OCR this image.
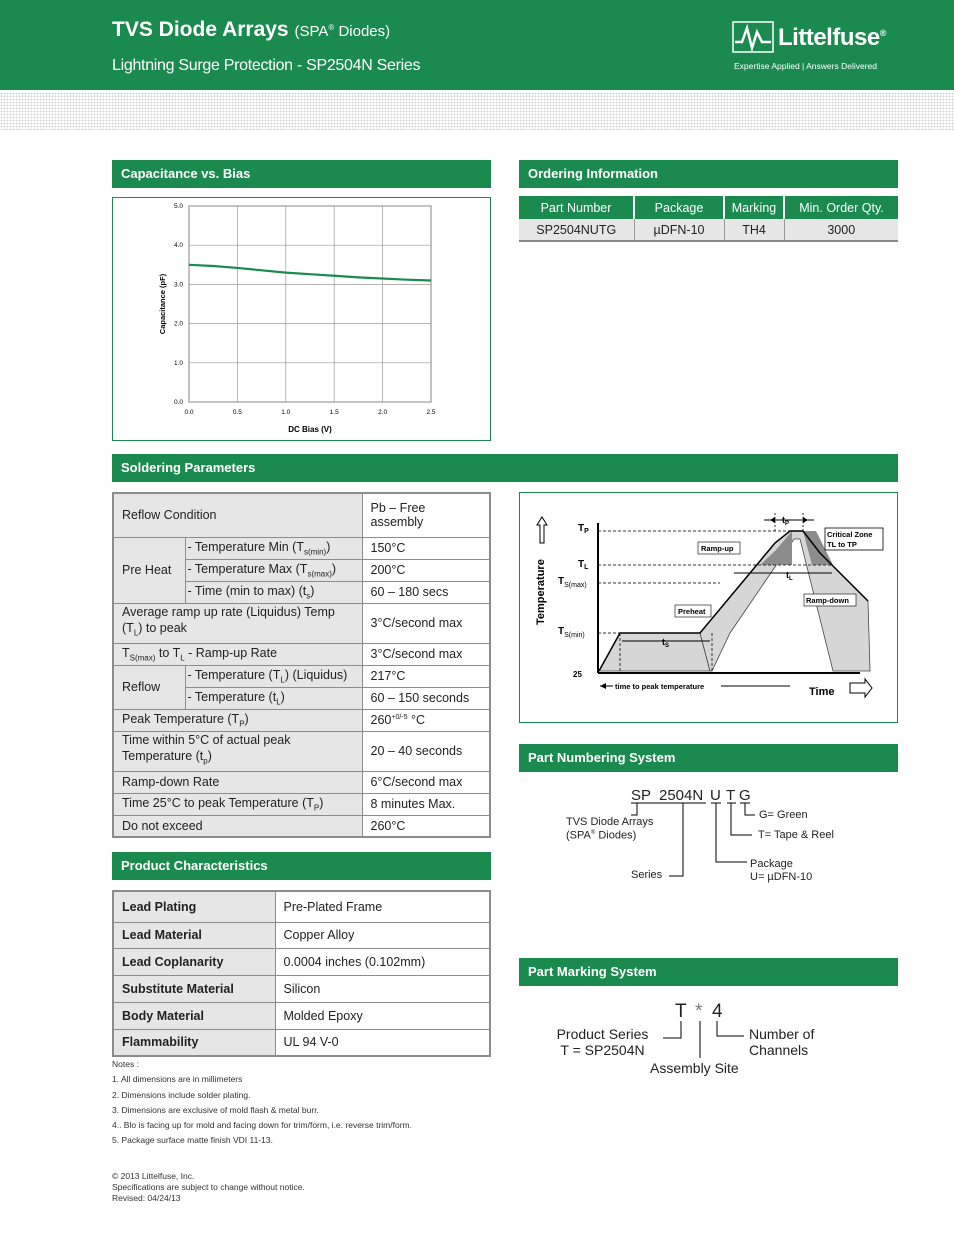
TVS Diode Arrays (SPA® Diodes)
Lightning Surge Protection - SP2504N Series
Littelfuse®
Expertise Applied | Answers Delivered
Capacitance vs. Bias
0.0	0.5	1.0	1.5	2.0	2.5
0.0
1.0
2.0
3.0
4.0
5.0
DC Bias (V)
Capacitance (pF)
Ordering Information
Part Number	Package	Marking	Min. Order Qty.
SP2504NUTG	µDFN-10	TH4	3000
Soldering Parameters
Reflow Condition		Pb – Free assembly
Pre Heat	- Temperature Min $(T_{s(min)})$	150°C
	- Temperature Max $(T_{s(max)})$	200°C
	- Time (min to max) $(t_s)$	60 – 180 secs
Average ramp up rate (Liquidus) Temp
$(T_L)$ to peak		3°C/second max
$T_{S(max)}$ to $T_L$ - Ramp-up Rate		3°C/second max
Reflow	- Temperature $(T_L)$ (Liquidus)	217°C
	- Temperature $(t_L)$	60 – 150 seconds
Peak Temperature $(T_P)$		$260^{+0/-5}$ °C
Time within 5°C of actual peak
Temperature $(t_p)$		20 – 40 seconds
Ramp-down Rate		6°C/second max
Time 25°C to peak Temperature $(T_P)$		8 minutes Max.
Do not exceed		260°C
$T_P$
$T_L$
$T_{S(max)}$
$T_{S(min)}$
25
Temperature
Time
$t_P$
$t_L$
$t_S$
Ramp-up
Ramp-down
Preheat
Critical Zone
TL to TP
time to peak temperature
Product Characteristics
Lead Plating	Pre-Plated Frame
Lead Material	Copper Alloy
Lead Coplanarity	0.0004 inches (0.102mm)
Substitute Material	Silicon
Body Material	Molded Epoxy
Flammability	UL 94 V-0
Notes :
1. All dimensions are in millimeters
2. Dimensions include solder plating.
3. Dimensions are exclusive of mold flash & metal burr.
4.. Blo is facing up for mold and facing down for trim/form, i.e. reverse trim/form.
5. Package surface matte finish VDI 11-13.
© 2013 Littelfuse, Inc.
Specifications are subject to change without notice.
Revised: 04/24/13
Part Numbering System
SP 2504N U T G
G= Green
T= Tape & Reel
TVS Diode Arrays
(SPA® Diodes)
Series
Package
U= µDFN-10
Part Marking System
T * 4
Product Series
T = SP2504N
Number of
Channels
Assembly Site
